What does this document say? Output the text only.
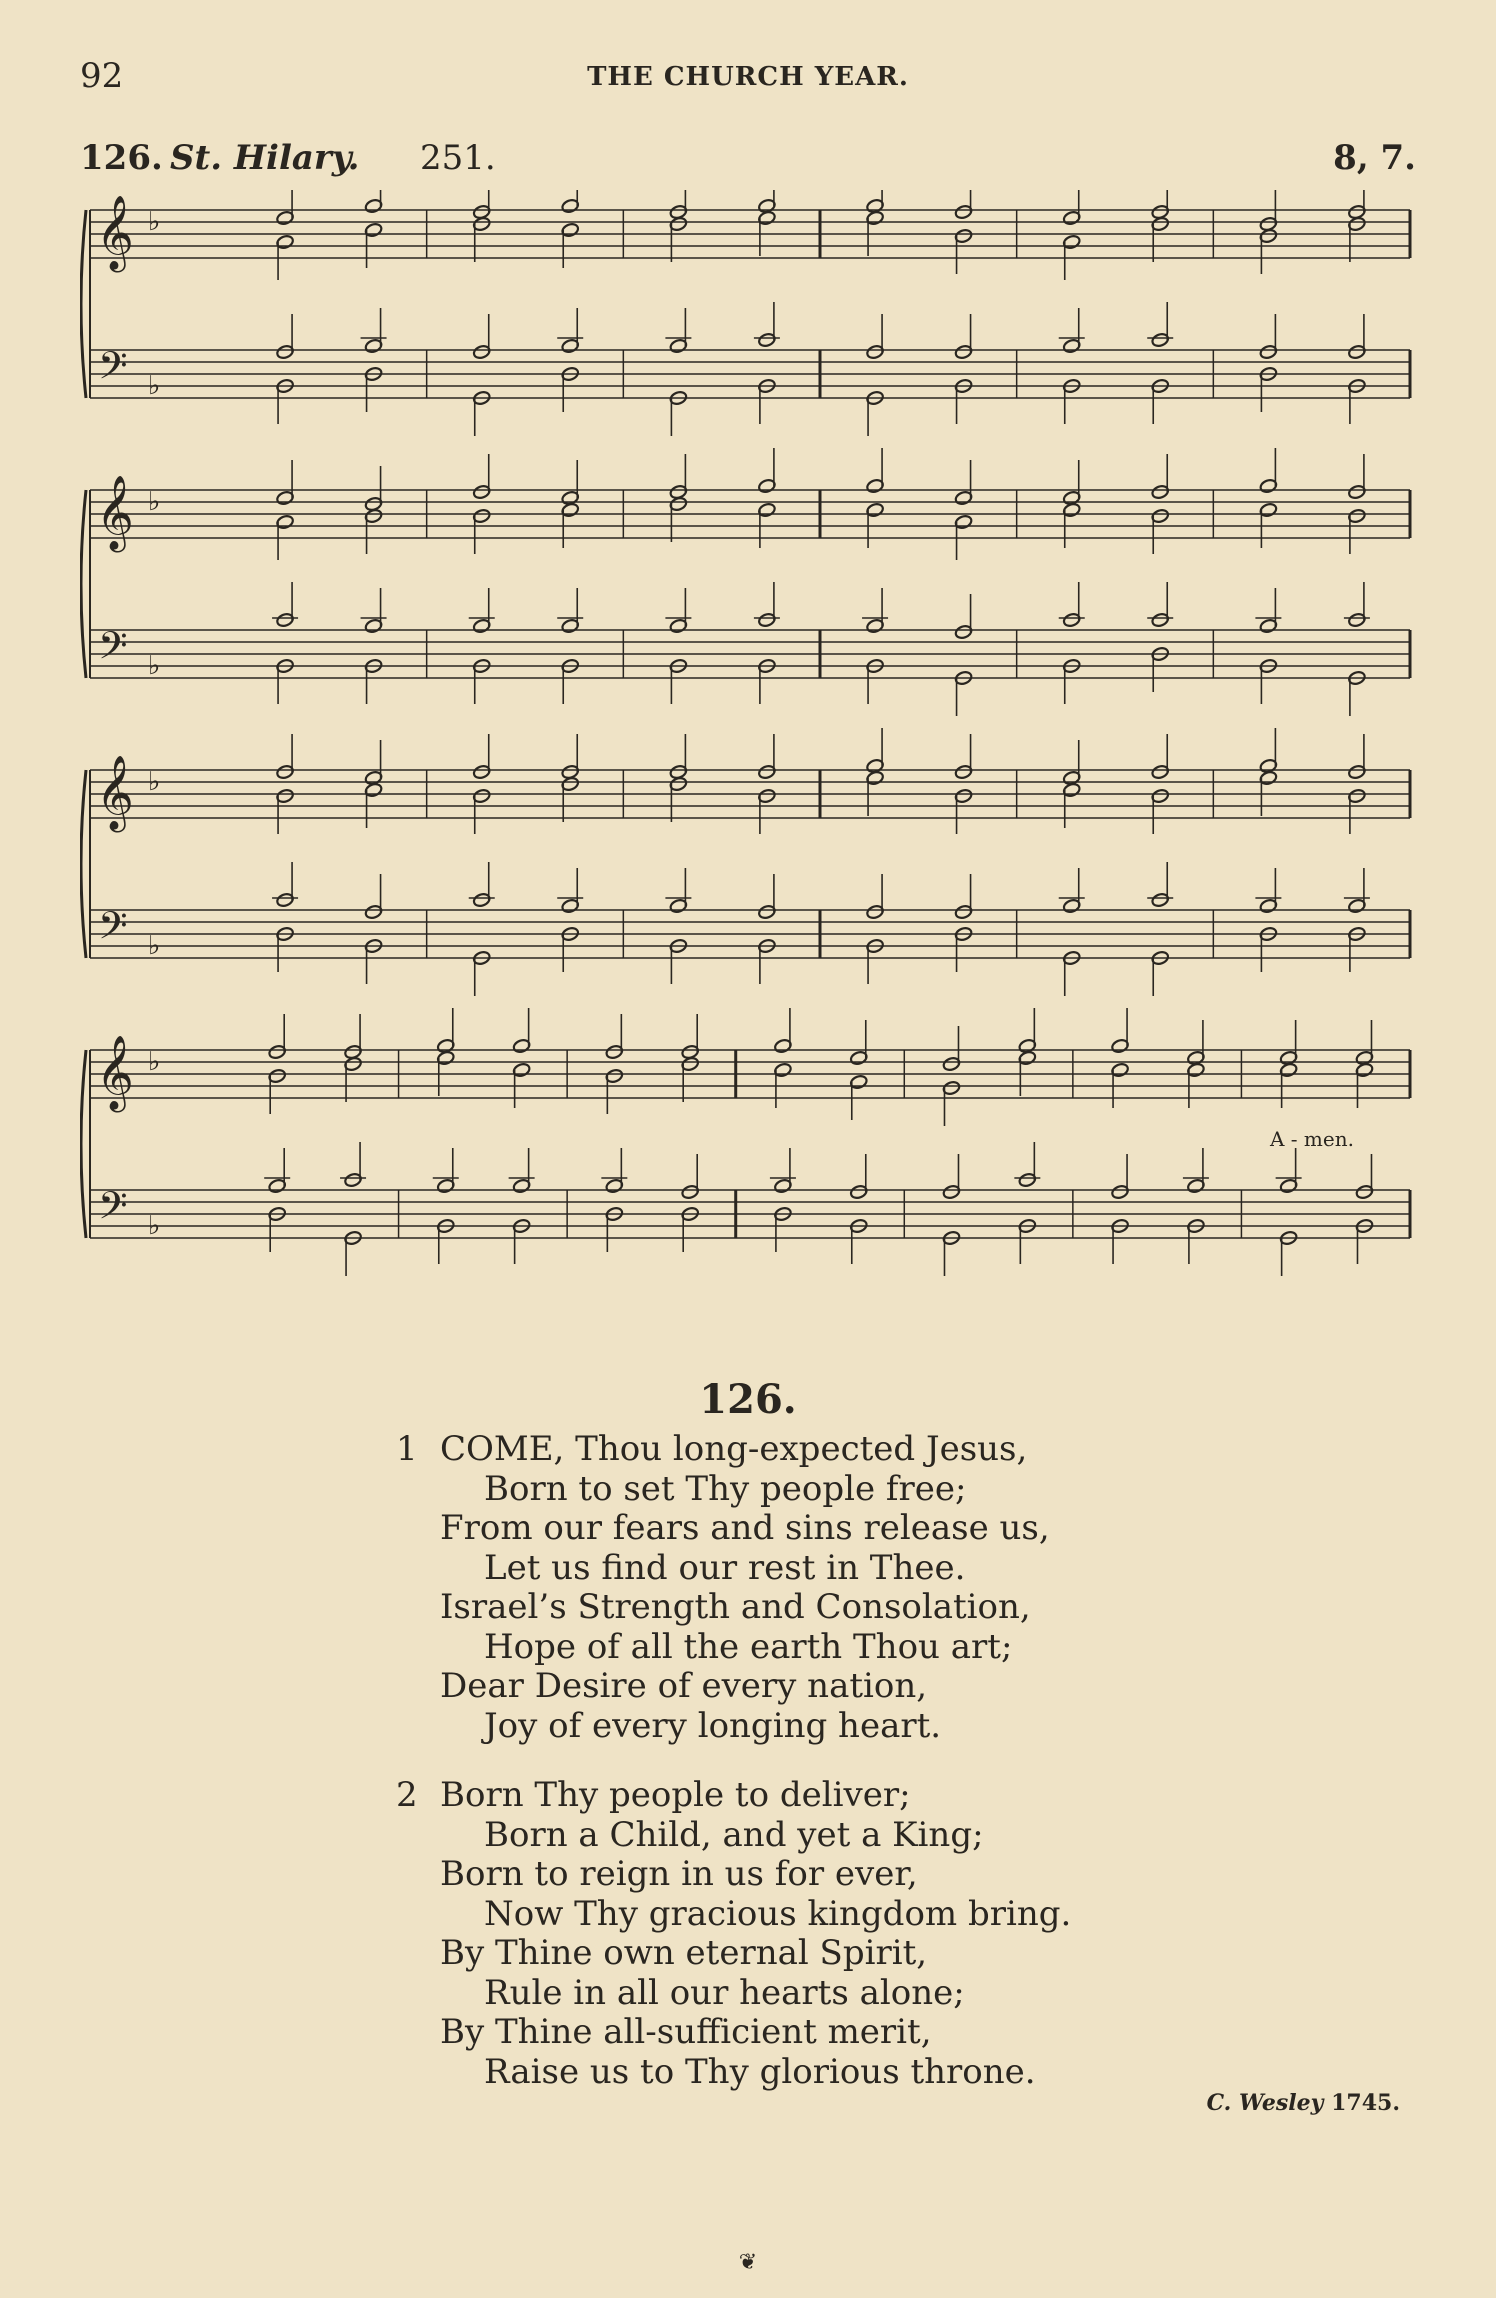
92	THE CHURCH YEAR.
126. St. Hilary. 251.	8, 7.
𝄞
𝄢
♭
♭
𝄞
𝄢
♭
♭
𝄞
𝄢
♭
♭
𝄞
𝄢
♭
♭
A - men.
126.
1 COME, Thou long-expected Jesus,
Born to set Thy people free;
From our fears and sins release us,
Let us find our rest in Thee.
Israel’s Strength and Consolation,
Hope of all the earth Thou art;
Dear Desire of every nation,
Joy of every longing heart.
2 Born Thy people to deliver;
Born a Child, and yet a King;
Born to reign in us for ever,
Now Thy gracious kingdom bring.
By Thine own eternal Spirit,
Rule in all our hearts alone;
By Thine all-sufficient merit,
Raise us to Thy glorious throne.
C. Wesley 1745.
❦
